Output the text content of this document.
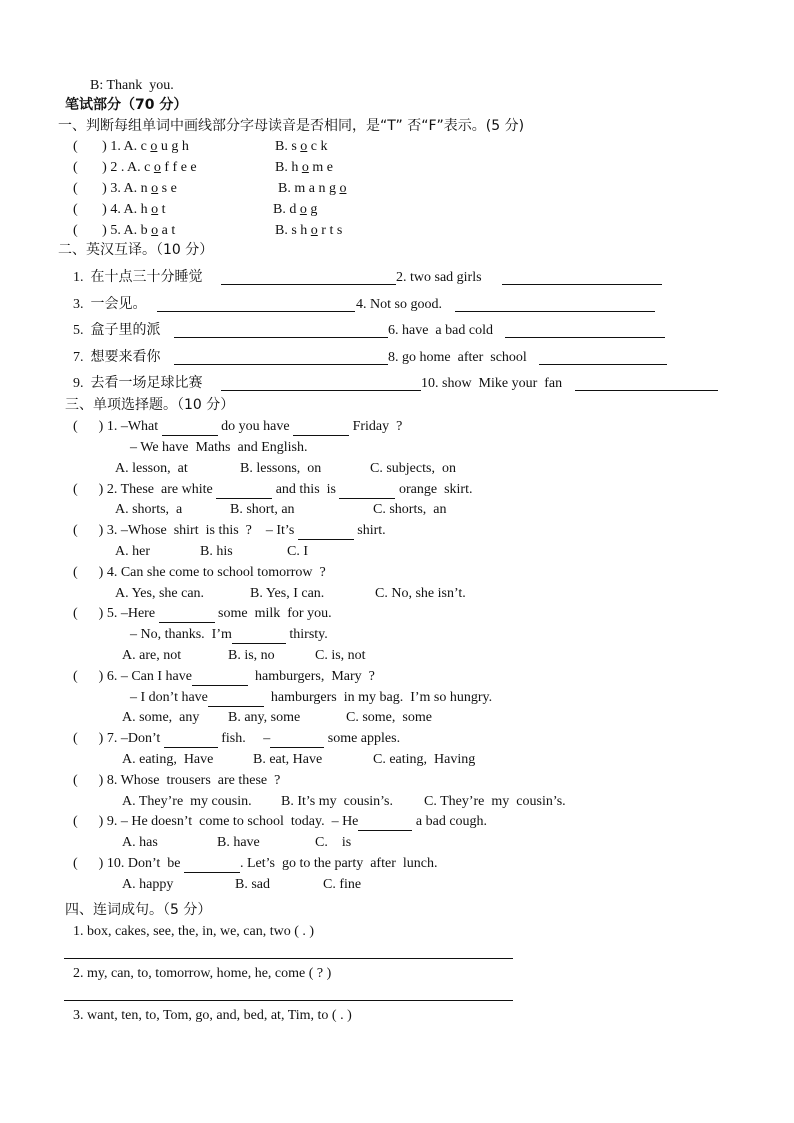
B: Thank  you.
笔试部分（70 分）
一、判断每组单词中画线部分字母读音是否相同，是“T” 否“F”表示。(5 分)
( ) 1. A. c o u g h	B. s o c k
( ) 2 . A. c o f f e e	B. h o m e
( ) 3. A. n o s e	B. m a n g o
( ) 4. A. h o t	B. d o g
( ) 5. A. b o a t	B. s h o r t s
二、英汉互译。（10 分）
1.  在十点三十分睡觉	2. two sad girls
3.  一会见。	4. Not so good.
5.  盒子里的派	6. have  a bad cold
7.  想要来看你	8. go home  after  school
9.  去看一场足球比赛	10. show  Mike your  fan
三、单项选择题。（10 分）
( ) 1. –What	do you have	Friday  ?
– We have  Maths  and English.
A. lesson,  at	B. lessons,  on	C. subjects,  on
( ) 2. These  are white	and this  is	orange  skirt.
A. shorts,  a	B. short, an	C. shorts,  an
( ) 3. –Whose  shirt  is this  ?    – It’s	shirt.
A. her	B. his	C. I
( ) 4. Can she come to school tomorrow  ?
A. Yes, she can.	B. Yes, I can.	C. No, she isn’t.
( ) 5. –Here	some  milk  for you.
– No, thanks.  I’m	thirsty.
A. are, not	B. is, no	C. is, not
( ) 6. – Can I have	hamburgers,  Mary  ?
– I don’t have	hamburgers  in my bag.  I’m so hungry.
A. some,  any B. any, some	C. some,  some
( ) 7. –Don’t	fish. –	some apples.
A. eating,  Have	B. eat, Have	C. eating,  Having
( ) 8. Whose  trousers  are these  ?
A. They’re  my cousin. B. It’s my  cousin’s. C. They’re  my  cousin’s.
( ) 9. – He doesn’t  come to school  today.  – He	a bad cough.
A. has	B. have	C.    is
( ) 10. Don’t  be	. Let’s  go to the party  after  lunch.
A. happy	B. sad	C. fine
四、连词成句。（5 分）
1. box, cakes, see, the, in, we, can, two ( . )
2. my, can, to, tomorrow, home, he, come ( ? )
3. want, ten, to, Tom, go, and, bed, at, Tim, to ( . )
